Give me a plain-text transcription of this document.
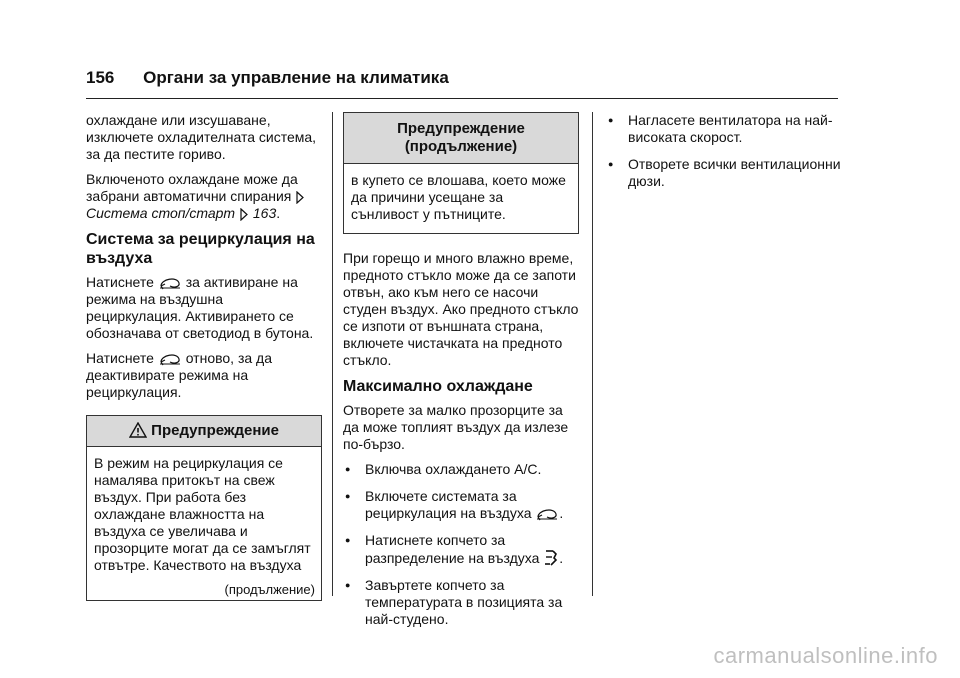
156 Органи за управление на климатика

охлаждане или изсушаване, изключете охладителната система, за да пестите гориво.

Включеното охлаждане може да забрани автоматични спирания  Система стоп/старт 163.

Система за рециркулация на въздуха

Натиснете за активиране на режима на въздушна рециркулация. Активирането се обозначава от светодиод в бутона.

Натиснете отново, за да деактивирате режима на рециркулация.

Предупреждение
В режим на рециркулация се намалява притокът на свеж въздух. При работа без охлаждане влажността на въздуха се увеличава и прозорците могат да се замъглят отвътре. Качеството на въздуха
(продължение)
Предупреждение (продължение)
в купето се влошава, което може да причини усещане за сънливост у пътниците.

При горещо и много влажно време, предното стъкло може да се запоти отвън, ако към него се насочи студен въздух. Ако предното стъкло се изпоти от външната страна, включете чистачката на предното стъкло.

Максимално охлаждане

Отворете за малко прозорците за да може топлият въздух да излезе по-бързо.

● Включва охлаждането A/C.
● Включете системата за рециркулация на въздуха .
● Натиснете копчето за разпределение на въздуха .
● Завъртете копчето за температурата в позицията за най-студено.
● Нагласете вентилатора на най-високата скорост.
● Отворете всички вентилационни дюзи.
carmanualsonline.info
